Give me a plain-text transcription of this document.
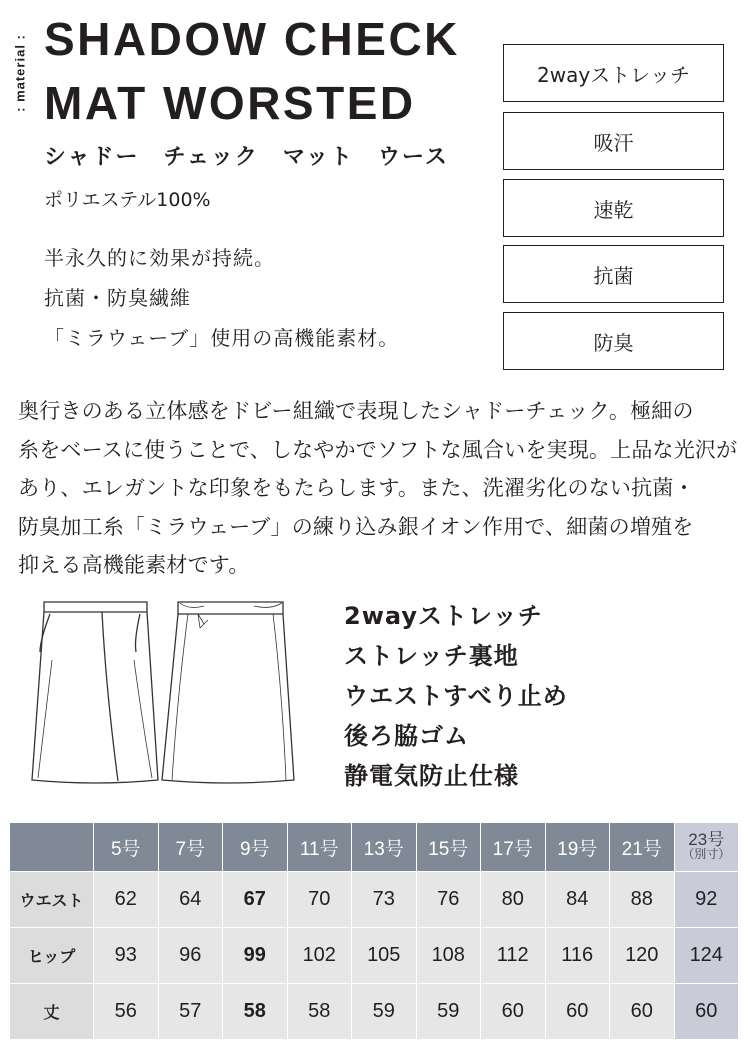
: material : SHADOW CHECK
MAT WORSTED
シャドー　チェック　マット　ウース
ポリエステル100%
半永久的に効果が持続。
抗菌・防臭繊維
「ミラウェーブ」使用の高機能素材。
2wayストレッチ
吸汗
速乾
抗菌
防臭
奥行きのある立体感をドビー組織で表現したシャドーチェック。極細の
糸をベースに使うことで、しなやかでソフトな風合いを実現。上品な光沢が
あり、エレガントな印象をもたらします。また、洗濯劣化のない抗菌・
防臭加工糸「ミラウェーブ」の練り込み銀イオン作用で、細菌の増殖を
抑える高機能素材です。
2wayストレッチ
ストレッチ裏地
ウエストすべり止め
後ろ脇ゴム
静電気防止仕様
	5号	7号	9号	11号	13号	15号	17号	19号	21号	23号
（別寸）

ウエスト	62	64	67	70	73	76	80	84	88	92
ヒップ	93	96	99	102	105	108	112	116	120	124
丈	56	57	58	58	59	59	60	60	60	60
